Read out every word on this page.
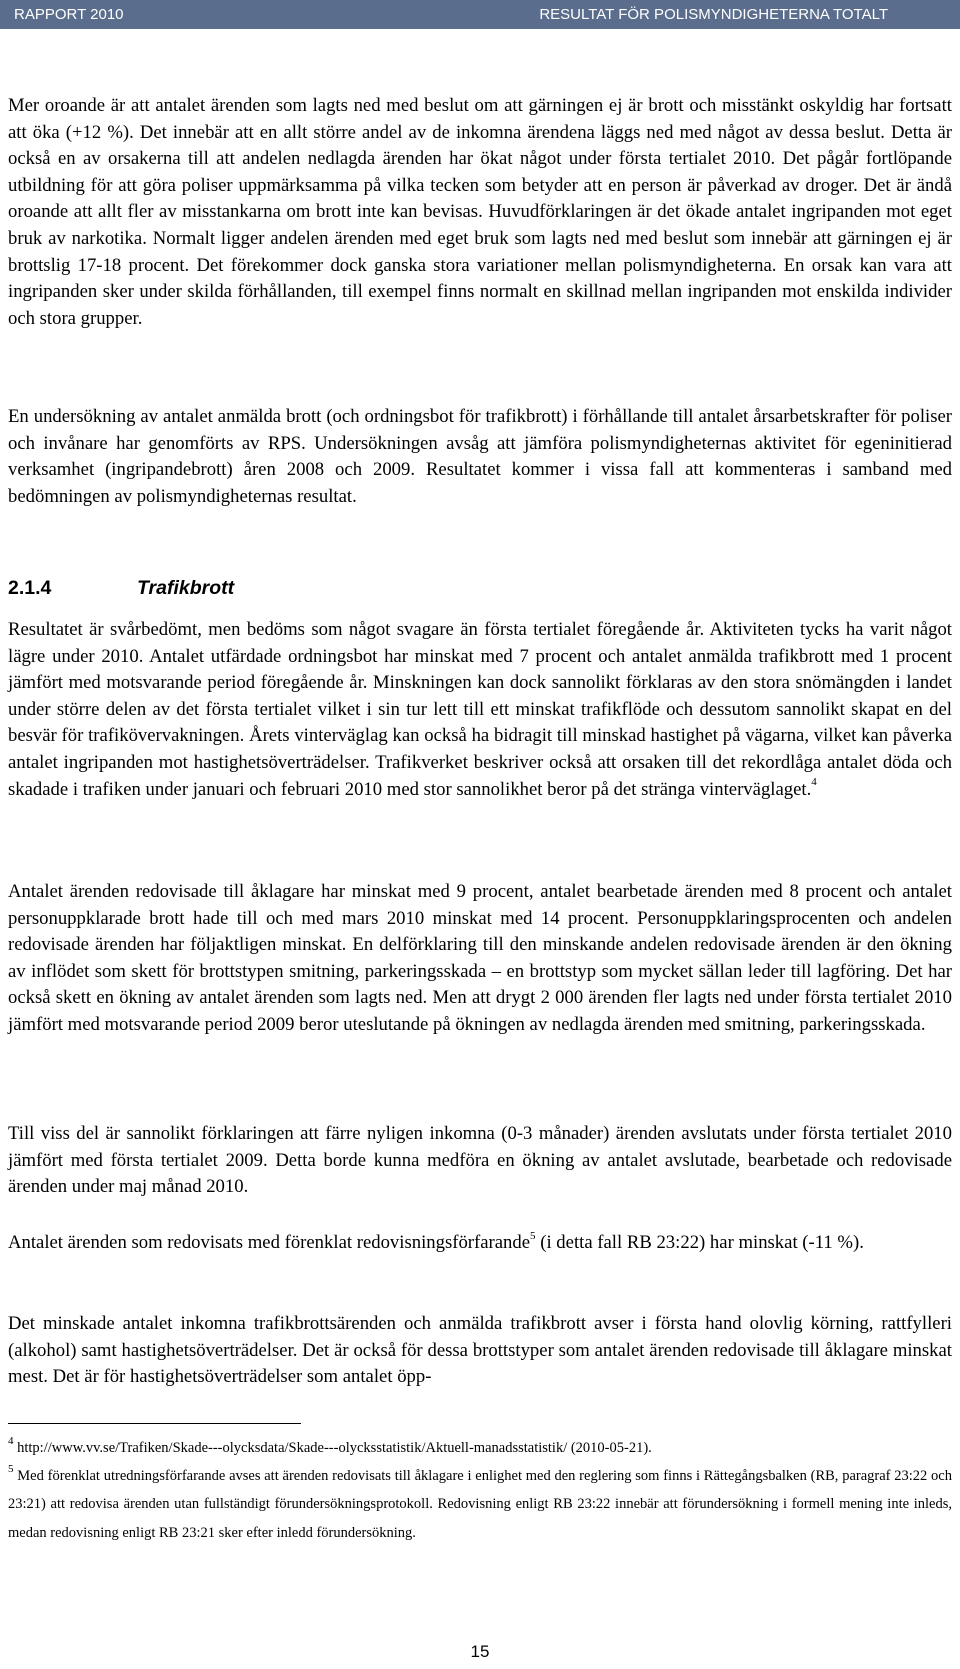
RAPPORT 2010	RESULTAT FÖR POLISMYNDIGHETERNA TOTALT

Mer oroande är att antalet ärenden som lagts ned med beslut om att gärningen ej är brott och misstänkt oskyldig har fortsatt att öka (+12 %). Det innebär att en allt större andel av de inkomna ärendena läggs ned med något av dessa beslut. Detta är också en av orsakerna till att andelen nedlagda ärenden har ökat något under första tertialet 2010. Det pågår fortlöpande utbildning för att göra poliser uppmärksamma på vilka tecken som betyder att en person är påverkad av droger. Det är ändå oroande att allt fler av misstankarna om brott inte kan bevisas. Huvudförklaringen är det ökade antalet ingripanden mot eget bruk av narkotika. Normalt ligger andelen ärenden med eget bruk som lagts ned med beslut som innebär att gärningen ej är brottslig 17-18 procent. Det förekommer dock ganska stora variationer mellan polismyndigheterna. En orsak kan vara att ingripanden sker under skilda förhållanden, till exempel finns normalt en skillnad mellan ingripanden mot enskilda individer och stora grupper.

En undersökning av antalet anmälda brott (och ordningsbot för trafikbrott) i förhållande till antalet årsarbetskrafter för poliser och invånare har genomförts av RPS. Undersökningen avsåg att jämföra polismyndigheternas aktivitet för egeninitierad verksamhet (ingripandebrott) åren 2008 och 2009. Resultatet kommer i vissa fall att kommenteras i samband med bedömningen av polismyndigheternas resultat.

2.1.4	Trafikbrott

Resultatet är svårbedömt, men bedöms som något svagare än första tertialet föregående år. Aktiviteten tycks ha varit något lägre under 2010. Antalet utfärdade ordningsbot har minskat med 7 procent och antalet anmälda trafikbrott med 1 procent jämfört med motsvarande period föregående år. Minskningen kan dock sannolikt förklaras av den stora snömängden i landet under större delen av det första tertialet vilket i sin tur lett till ett minskat trafikflöde och dessutom sannolikt skapat en del besvär för trafikövervakningen. Årets vinterväglag kan också ha bidragit till minskad hastighet på vägarna, vilket kan påverka antalet ingripanden mot hastighetsöverträdelser. Trafikverket beskriver också att orsaken till det rekordlåga antalet döda och skadade i trafiken under januari och februari 2010 med stor sannolikhet beror på det stränga vinterväglaget.$^4$

Antalet ärenden redovisade till åklagare har minskat med 9 procent, antalet bearbetade ärenden med 8 procent och antalet personuppklarade brott hade till och med mars 2010 minskat med 14 procent. Personuppklaringsprocenten och andelen redovisade ärenden har följaktligen minskat. En delförklaring till den minskande andelen redovisade ärenden är den ökning av inflödet som skett för brottstypen smitning, parkeringsskada – en brottstyp som mycket sällan leder till lagföring. Det har också skett en ökning av antalet ärenden som lagts ned. Men att drygt 2 000 ärenden fler lagts ned under första tertialet 2010 jämfört med motsvarande period 2009 beror uteslutande på ökningen av nedlagda ärenden med smitning, parkeringsskada.

Till viss del är sannolikt förklaringen att färre nyligen inkomna (0-3 månader) ärenden avslutats under första tertialet 2010 jämfört med första tertialet 2009. Detta borde kunna medföra en ökning av antalet avslutade, bearbetade och redovisade ärenden under maj månad 2010.

Antalet ärenden som redovisats med förenklat redovisningsförfarande$^5$ (i detta fall RB 23:22) har minskat (-11 %).

Det minskade antalet inkomna trafikbrottsärenden och anmälda trafikbrott avser i första hand olovlig körning, rattfylleri (alkohol) samt hastighetsöverträdelser. Det är också för dessa brottstyper som antalet ärenden redovisade till åklagare minskat mest. Det är för hastighetsöverträdelser som antalet öpp-

$^4$ http://www.vv.se/Trafiken/Skade---olycksdata/Skade---olycksstatistik/Aktuell-manadsstatistik/ (2010-05-21).

$^5$ Med förenklat utredningsförfarande avses att ärenden redovisats till åklagare i enlighet med den reglering som finns i Rättegångsbalken (RB, paragraf 23:22 och 23:21) att redovisa ärenden utan fullständigt förundersökningsprotokoll. Redovisning enligt RB 23:22 innebär att förundersökning i formell mening inte inleds, medan redovisning enligt RB 23:21 sker efter inledd förundersökning.

15
